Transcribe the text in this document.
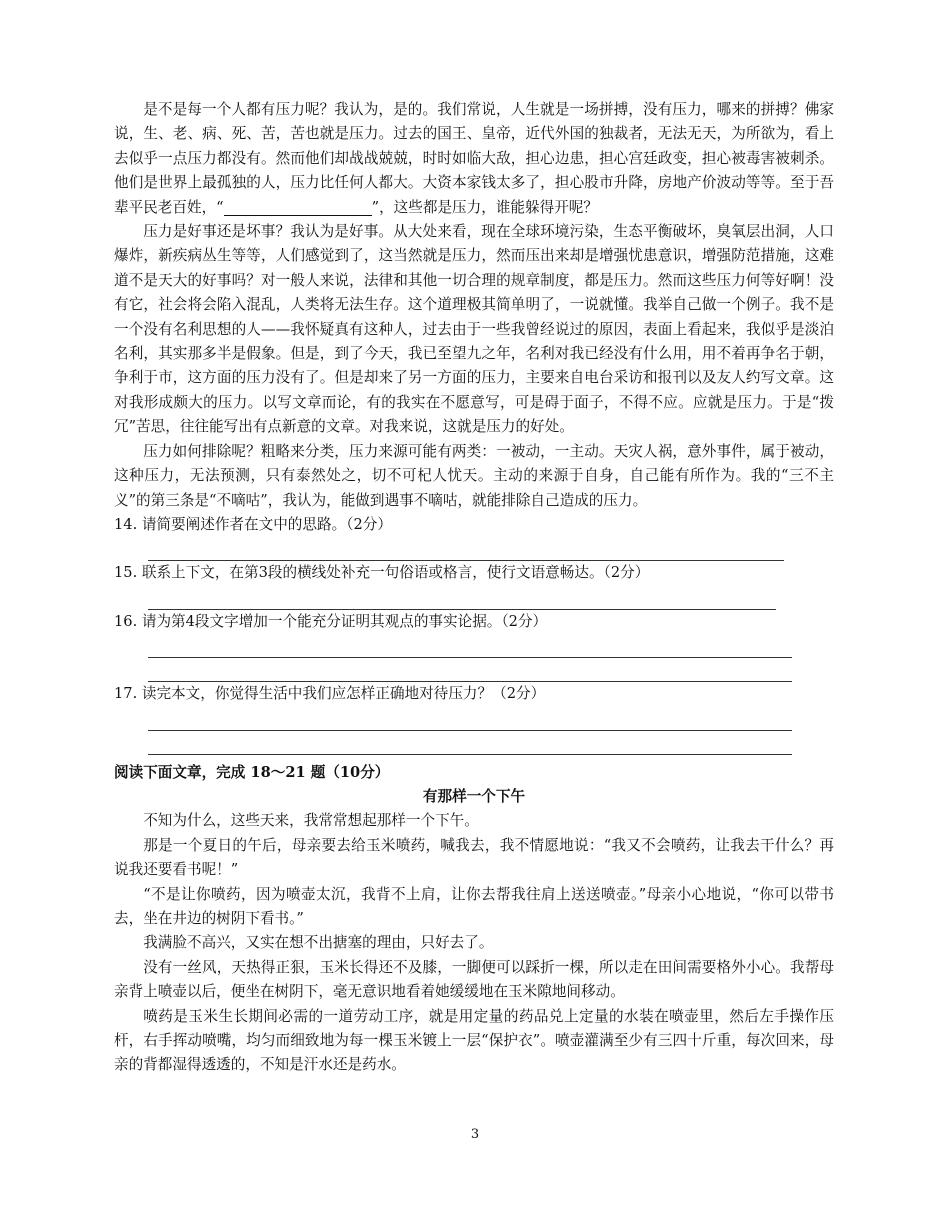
是不是每一个人都有压力呢？我认为，是的。我们常说，人生就是一场拼搏，没有压力，哪来的拼搏？佛家说，生、老、病、死、苦，苦也就是压力。过去的国王、皇帝，近代外国的独裁者，无法无天，为所欲为，看上去似乎一点压力都没有。然而他们却战战兢兢，时时如临大敌，担心边患，担心宫廷政变，担心被毒害被刺杀。他们是世界上最孤独的人，压力比任何人都大。大资本家钱太多了，担心股市升降，房地产价波动等等。至于吾辈平民老百姓，“	”，这些都是压力，谁能躲得开呢？

压力是好事还是坏事？我认为是好事。从大处来看，现在全球环境污染，生态平衡破坏，臭氧层出洞，人口爆炸，新疾病丛生等等，人们感觉到了，这当然就是压力，然而压出来却是增强忧患意识，增强防范措施，这难道不是天大的好事吗？对一般人来说，法律和其他一切合理的规章制度，都是压力。然而这些压力何等好啊！没有它，社会将会陷入混乱，人类将无法生存。这个道理极其简单明了，一说就懂。我举自己做一个例子。我不是一个没有名利思想的人——我怀疑真有这种人，过去由于一些我曾经说过的原因，表面上看起来，我似乎是淡泊名利，其实那多半是假象。但是，到了今天，我已至望九之年，名利对我已经没有什么用，用不着再争名于朝，争利于市，这方面的压力没有了。但是却来了另一方面的压力，主要来自电台采访和报刊以及友人约写文章。这对我形成颇大的压力。以写文章而论，有的我实在不愿意写，可是碍于面子，不得不应。应就是压力。于是“拨冗”苦思，往往能写出有点新意的文章。对我来说，这就是压力的好处。

压力如何排除呢？粗略来分类，压力来源可能有两类：一被动，一主动。天灾人祸，意外事件，属于被动，这种压力，无法预测，只有泰然处之，切不可杞人忧天。主动的来源于自身，自己能有所作为。我的“三不主义”的第三条是“不嘀咕”，我认为，能做到遇事不嘀咕，就能排除自己造成的压力。

14. 请简要阐述作者在文中的思路。（2分）

15. 联系上下文，在第3段的横线处补充一句俗语或格言，使行文语意畅达。（2分）

16. 请为第4段文字增加一个能充分证明其观点的事实论据。（2分）

17. 读完本文，你觉得生活中我们应怎样正确地对待压力？（2分）

阅读下面文章，完成 18～21 题（10分）

有那样一个下午

不知为什么，这些天来，我常常想起那样一个下午。

那是一个夏日的午后，母亲要去给玉米喷药，喊我去，我不情愿地说：“我又不会喷药，让我去干什么？再说我还要看书呢！”

“不是让你喷药，因为喷壶太沉，我背不上肩，让你去帮我往肩上送送喷壶。”母亲小心地说，“你可以带书去，坐在井边的树阴下看书。”

我满脸不高兴，又实在想不出搪塞的理由，只好去了。

没有一丝风，天热得正狠，玉米长得还不及膝，一脚便可以踩折一棵，所以走在田间需要格外小心。我帮母亲背上喷壶以后，便坐在树阴下，毫无意识地看着她缓缓地在玉米隙地间移动。

喷药是玉米生长期间必需的一道劳动工序，就是用定量的药品兑上定量的水装在喷壶里，然后左手操作压杆，右手挥动喷嘴，均匀而细致地为每一棵玉米镀上一层“保护衣”。喷壶灌满至少有三四十斤重，每次回来，母亲的背都湿得透透的，不知是汗水还是药水。

3
